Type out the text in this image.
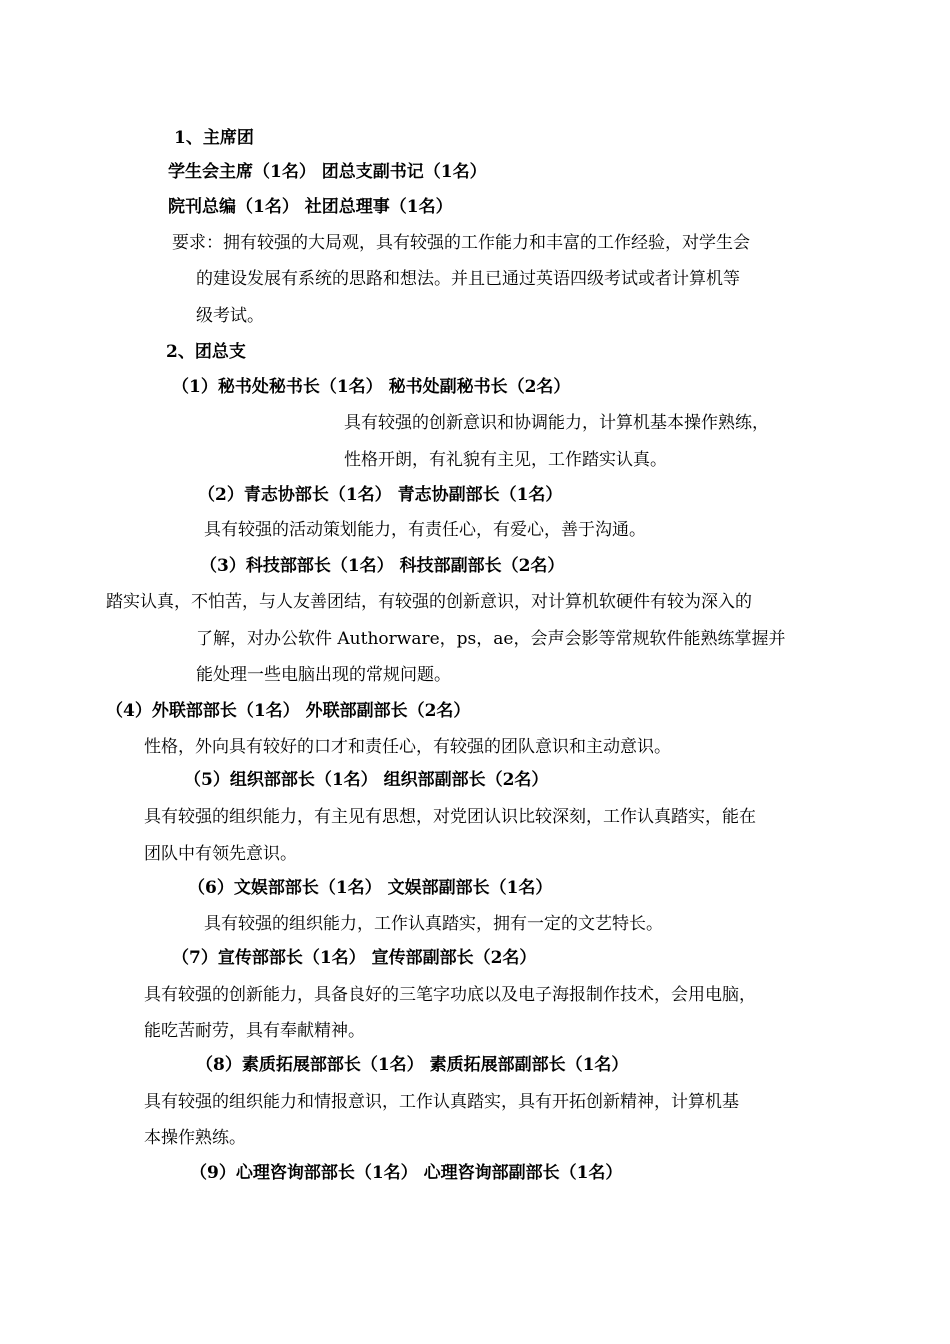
1、主席团

学生会主席（1名） 团总支副书记（1名）

院刊总编（1名） 社团总理事（1名）

要求：拥有较强的大局观，具有较强的工作能力和丰富的工作经验，对学生会

的建设发展有系统的思路和想法。并且已通过英语四级考试或者计算机等

级考试。

2、团总支

（1）秘书处秘书长（1名） 秘书处副秘书长（2名）

具有较强的创新意识和协调能力，计算机基本操作熟练，

性格开朗，有礼貌有主见，工作踏实认真。

（2）青志协部长（1名） 青志协副部长（1名）

具有较强的活动策划能力，有责任心，有爱心，善于沟通。

（3）科技部部长（1名） 科技部副部长（2名）

踏实认真，不怕苦，与人友善团结，有较强的创新意识，对计算机软硬件有较为深入的

了解，对办公软件 Authorware，ps，ae，会声会影等常规软件能熟练掌握并

能处理一些电脑出现的常规问题。

（4）外联部部长（1名） 外联部副部长（2名）

性格，外向具有较好的口才和责任心，有较强的团队意识和主动意识。

（5）组织部部长（1名） 组织部副部长（2名）

具有较强的组织能力，有主见有思想，对党团认识比较深刻，工作认真踏实，能在

团队中有领先意识。

（6）文娱部部长（1名） 文娱部副部长（1名）

具有较强的组织能力，工作认真踏实，拥有一定的文艺特长。

（7）宣传部部长（1名） 宣传部副部长（2名）

具有较强的创新能力，具备良好的三笔字功底以及电子海报制作技术，会用电脑，

能吃苦耐劳，具有奉献精神。

（8）素质拓展部部长（1名） 素质拓展部副部长（1名）

具有较强的组织能力和情报意识，工作认真踏实，具有开拓创新精神，计算机基

本操作熟练。

（9）心理咨询部部长（1名） 心理咨询部副部长（1名）
